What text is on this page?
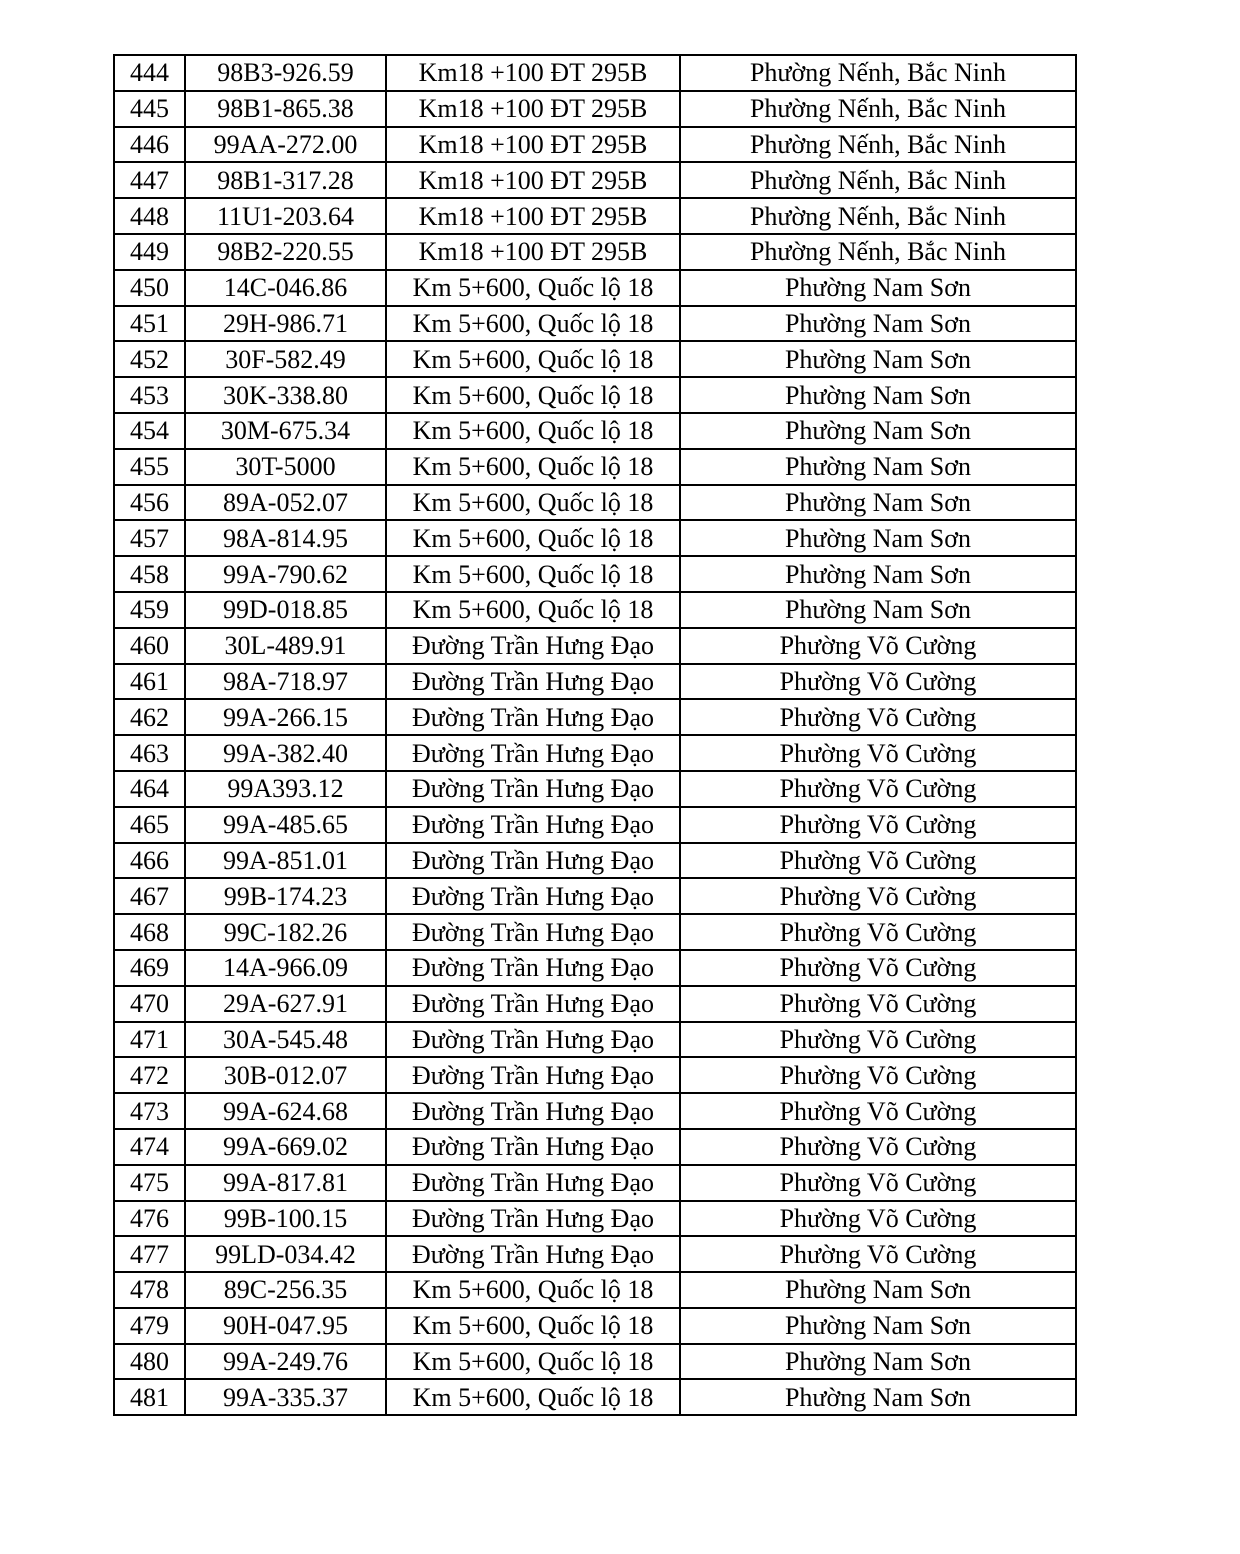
444	98B3-926.59	Km18 +100 ĐT 295B	Phường Nếnh, Bắc Ninh
445	98B1-865.38	Km18 +100 ĐT 295B	Phường Nếnh, Bắc Ninh
446	99AA-272.00	Km18 +100 ĐT 295B	Phường Nếnh, Bắc Ninh
447	98B1-317.28	Km18 +100 ĐT 295B	Phường Nếnh, Bắc Ninh
448	11U1-203.64	Km18 +100 ĐT 295B	Phường Nếnh, Bắc Ninh
449	98B2-220.55	Km18 +100 ĐT 295B	Phường Nếnh, Bắc Ninh
450	14C-046.86	Km 5+600, Quốc lộ 18	Phường Nam Sơn
451	29H-986.71	Km 5+600, Quốc lộ 18	Phường Nam Sơn
452	30F-582.49	Km 5+600, Quốc lộ 18	Phường Nam Sơn
453	30K-338.80	Km 5+600, Quốc lộ 18	Phường Nam Sơn
454	30M-675.34	Km 5+600, Quốc lộ 18	Phường Nam Sơn
455	30T-5000	Km 5+600, Quốc lộ 18	Phường Nam Sơn
456	89A-052.07	Km 5+600, Quốc lộ 18	Phường Nam Sơn
457	98A-814.95	Km 5+600, Quốc lộ 18	Phường Nam Sơn
458	99A-790.62	Km 5+600, Quốc lộ 18	Phường Nam Sơn
459	99D-018.85	Km 5+600, Quốc lộ 18	Phường Nam Sơn
460	30L-489.91	Đường Trần Hưng Đạo	Phường Võ Cường
461	98A-718.97	Đường Trần Hưng Đạo	Phường Võ Cường
462	99A-266.15	Đường Trần Hưng Đạo	Phường Võ Cường
463	99A-382.40	Đường Trần Hưng Đạo	Phường Võ Cường
464	99A393.12	Đường Trần Hưng Đạo	Phường Võ Cường
465	99A-485.65	Đường Trần Hưng Đạo	Phường Võ Cường
466	99A-851.01	Đường Trần Hưng Đạo	Phường Võ Cường
467	99B-174.23	Đường Trần Hưng Đạo	Phường Võ Cường
468	99C-182.26	Đường Trần Hưng Đạo	Phường Võ Cường
469	14A-966.09	Đường Trần Hưng Đạo	Phường Võ Cường
470	29A-627.91	Đường Trần Hưng Đạo	Phường Võ Cường
471	30A-545.48	Đường Trần Hưng Đạo	Phường Võ Cường
472	30B-012.07	Đường Trần Hưng Đạo	Phường Võ Cường
473	99A-624.68	Đường Trần Hưng Đạo	Phường Võ Cường
474	99A-669.02	Đường Trần Hưng Đạo	Phường Võ Cường
475	99A-817.81	Đường Trần Hưng Đạo	Phường Võ Cường
476	99B-100.15	Đường Trần Hưng Đạo	Phường Võ Cường
477	99LD-034.42	Đường Trần Hưng Đạo	Phường Võ Cường
478	89C-256.35	Km 5+600, Quốc lộ 18	Phường Nam Sơn
479	90H-047.95	Km 5+600, Quốc lộ 18	Phường Nam Sơn
480	99A-249.76	Km 5+600, Quốc lộ 18	Phường Nam Sơn
481	99A-335.37	Km 5+600, Quốc lộ 18	Phường Nam Sơn
